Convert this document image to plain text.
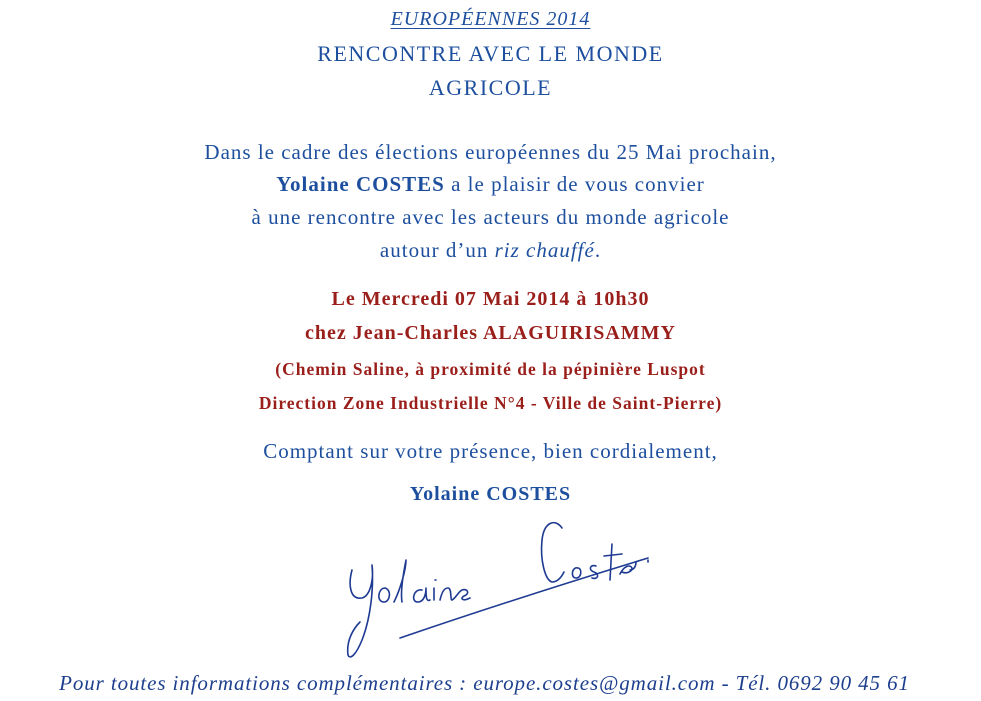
EUROPÉENNES 2014
RENCONTRE AVEC LE MONDE
AGRICOLE
Dans le cadre des élections européennes du 25 Mai prochain,
Yolaine COSTES a le plaisir de vous convier
à une rencontre avec les acteurs du monde agricole
autour d’un riz chauffé.
Le Mercredi 07 Mai 2014 à 10h30
chez Jean-Charles ALAGUIRISAMMY
(Chemin Saline, à proximité de la pépinière Luspot
Direction Zone Industrielle N°4 - Ville de Saint-Pierre)
Comptant sur votre présence, bien cordialement,
Yolaine COSTES
Pour toutes informations complémentaires : europe.costes@gmail.com - Tél. 0692 90 45 61
